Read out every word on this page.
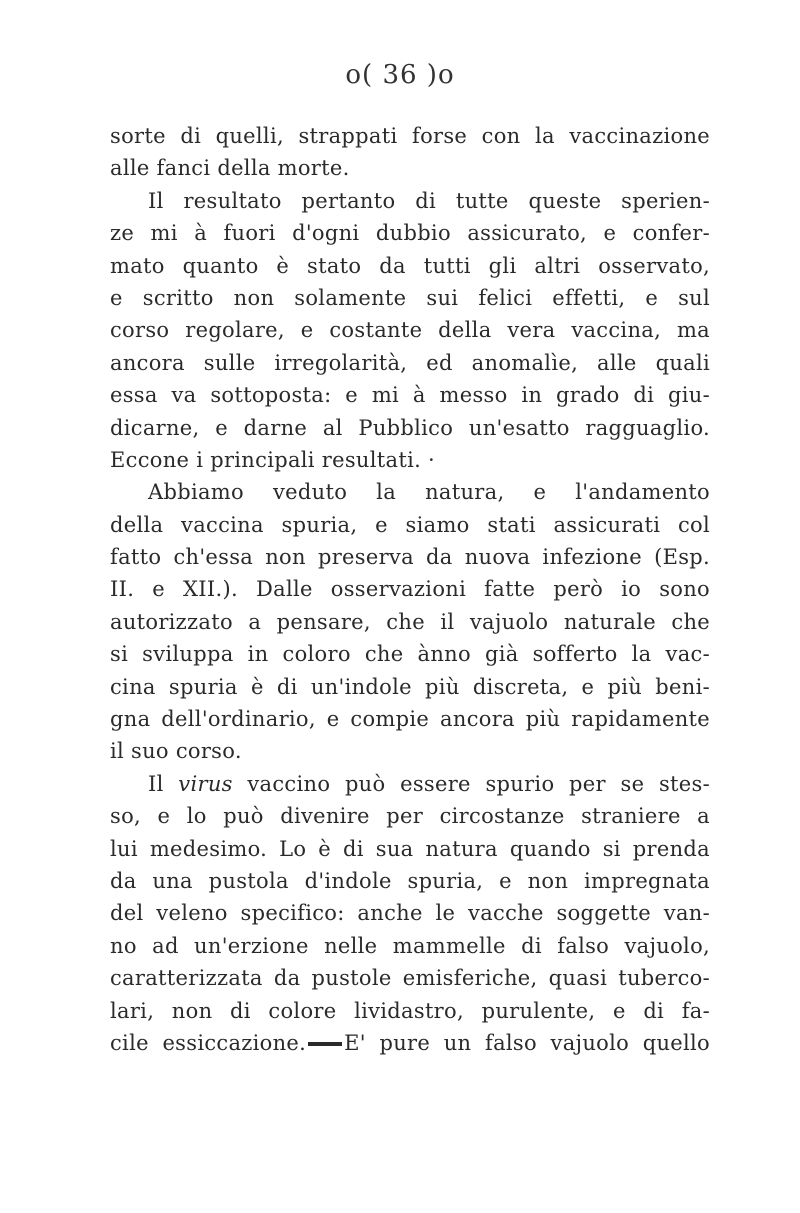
o( 36 )o
sorte di quelli, strappati forse con la vaccinazione
alle fanci della morte.
Il resultato pertanto di tutte queste sperien-
ze mi à fuori d'ogni dubbio assicurato, e confer-
mato quanto è stato da tutti gli altri osservato,
e scritto non solamente sui felici effetti, e sul
corso regolare, e costante della vera vaccina, ma
ancora sulle irregolarità, ed anomalìe, alle quali
essa va sottoposta: e mi à messo in grado di giu-
dicarne, e darne al Pubblico un'esatto ragguaglio.
Eccone i principali resultati. ·
Abbiamo veduto la natura, e l'andamento
della vaccina spuria, e siamo stati assicurati col
fatto ch'essa non preserva da nuova infezione (Esp.
II. e XII.). Dalle osservazioni fatte però io sono
autorizzato a pensare, che il vajuolo naturale che
si sviluppa in coloro che ànno già sofferto la vac-
cina spuria è di un'indole più discreta, e più beni-
gna dell'ordinario, e compie ancora più rapidamente
il suo corso.
Il virus vaccino può essere spurio per se stes-
so, e lo può divenire per circostanze straniere a
lui medesimo. Lo è di sua natura quando si prenda
da una pustola d'indole spuria, e non impregnata
del veleno specifico: anche le vacche soggette van-
no ad un'erzione nelle mammelle di falso vajuolo,
caratterizzata da pustole emisferiche, quasi tuberco-
lari, non di colore lividastro, purulente, e di fa-
cile essiccazione. E' pure un falso vajuolo quello
